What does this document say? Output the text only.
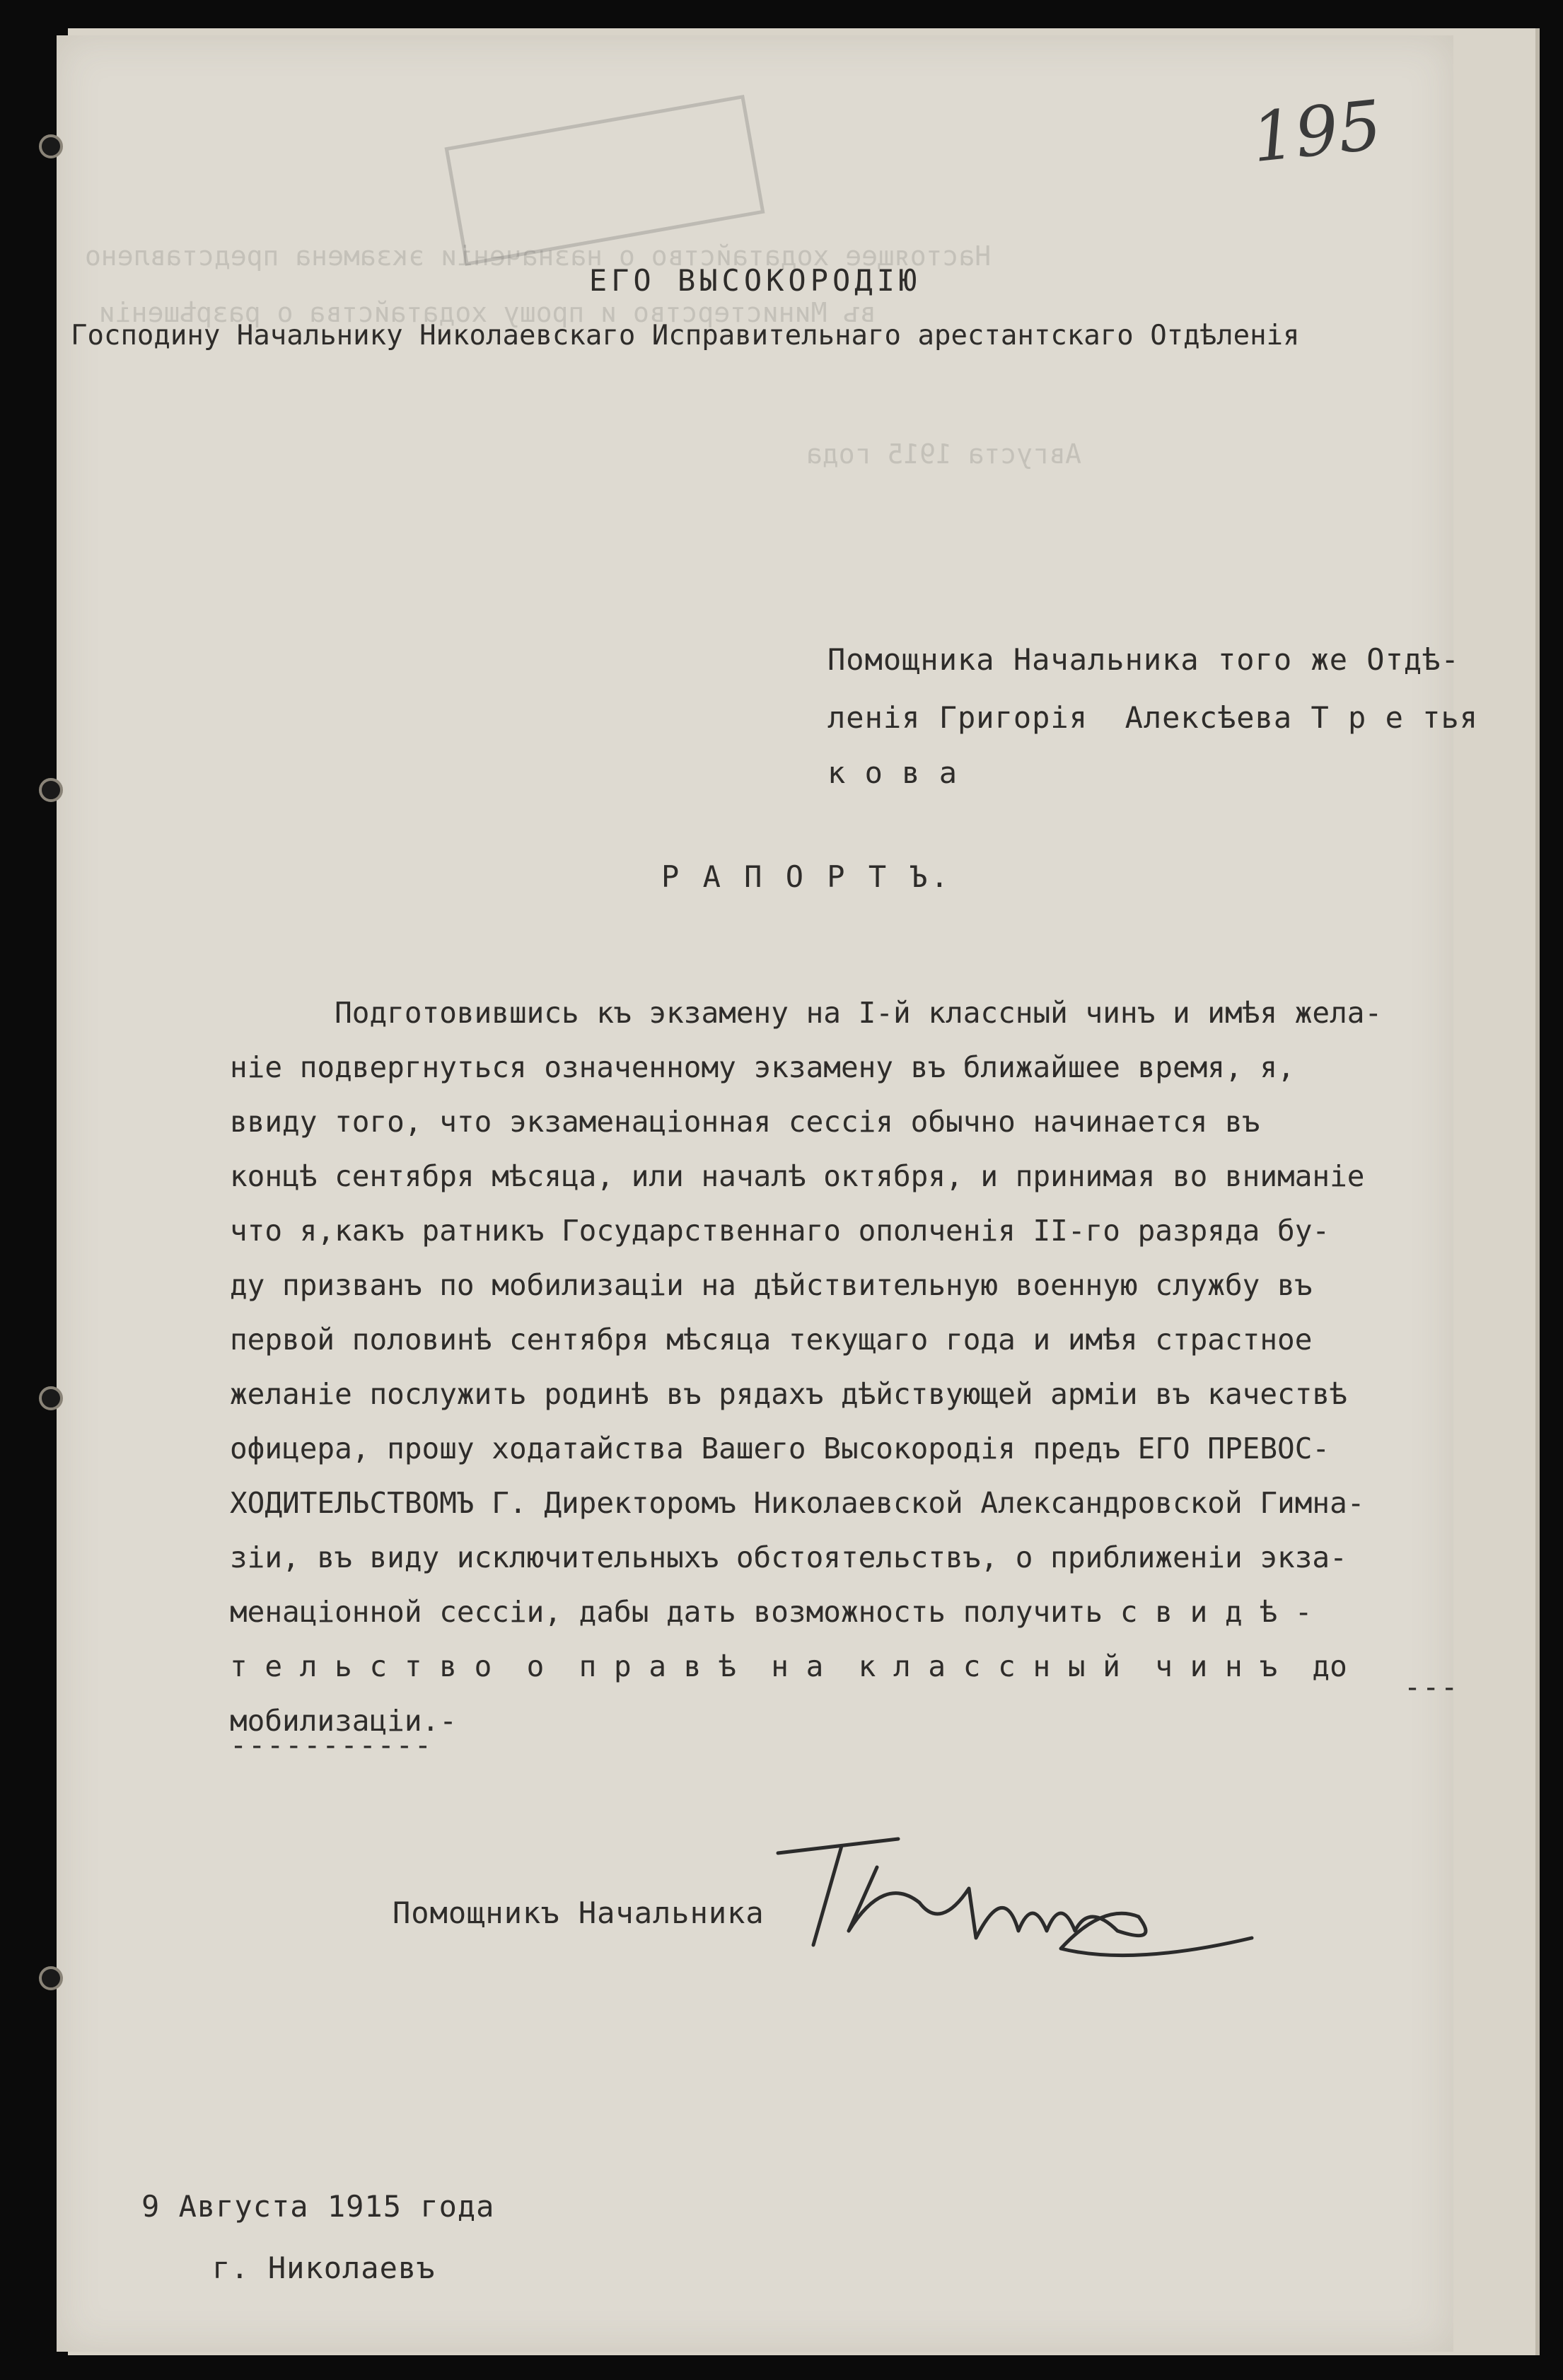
Настоящее ходатайство о назначенiи экзамена представлено
въ Министерство и прошу ходатайства о разрѣшенiи
Августа 1915 года
195
ЕГО ВЫСОКОРОДІЮ
Господину Начальнику Николаевскаго Исправительнаго арестантскаго Отдѣленія
Помощника Начальника того же Отдѣ-
ленія Григорія  Алексѣева Т р е тья
к о в а
Р А П О Р Т Ъ.
Подготовившись къ экзамену на I-й классный чинъ и имѣя жела-
нie подвергнуться означенному экзамену въ ближайшее время, я,
ввиду того, что экзаменацiонная сессiя обычно начинается въ
концѣ сентября мѣсяца, или началѣ октября, и принимая во вниманiе
что я,какъ ратникъ Государственнаго ополченiя II-го разряда бу-
ду призванъ по мобилизацiи на дѣйствительную военную службу въ
первой половинѣ сентября мѣсяца текущаго года и имѣя страстное
желанiе послужить родинѣ въ рядахъ дѣйствующей армiи въ качествѣ
офицера, прошу ходатайства Вашего Высокородiя предъ ЕГО ПРЕВОС-
ХОДИТЕЛЬСТВОМЪ Г. Директоромъ Николаевской Александровской Гимна-
зiи, въ виду исключительныхъ обстоятельствъ, о приближенiи экза-
менацiонной сессiи, дабы дать возможность получить с в и д ѣ -
т е л ь с т в о  о  п р а в ѣ  н а  к л а с с н ы й  ч и н ъ  до
мобилизацiи.-
-----------
---
Помощникъ Начальника
9 Августа 1915 года
г. Николаевъ
